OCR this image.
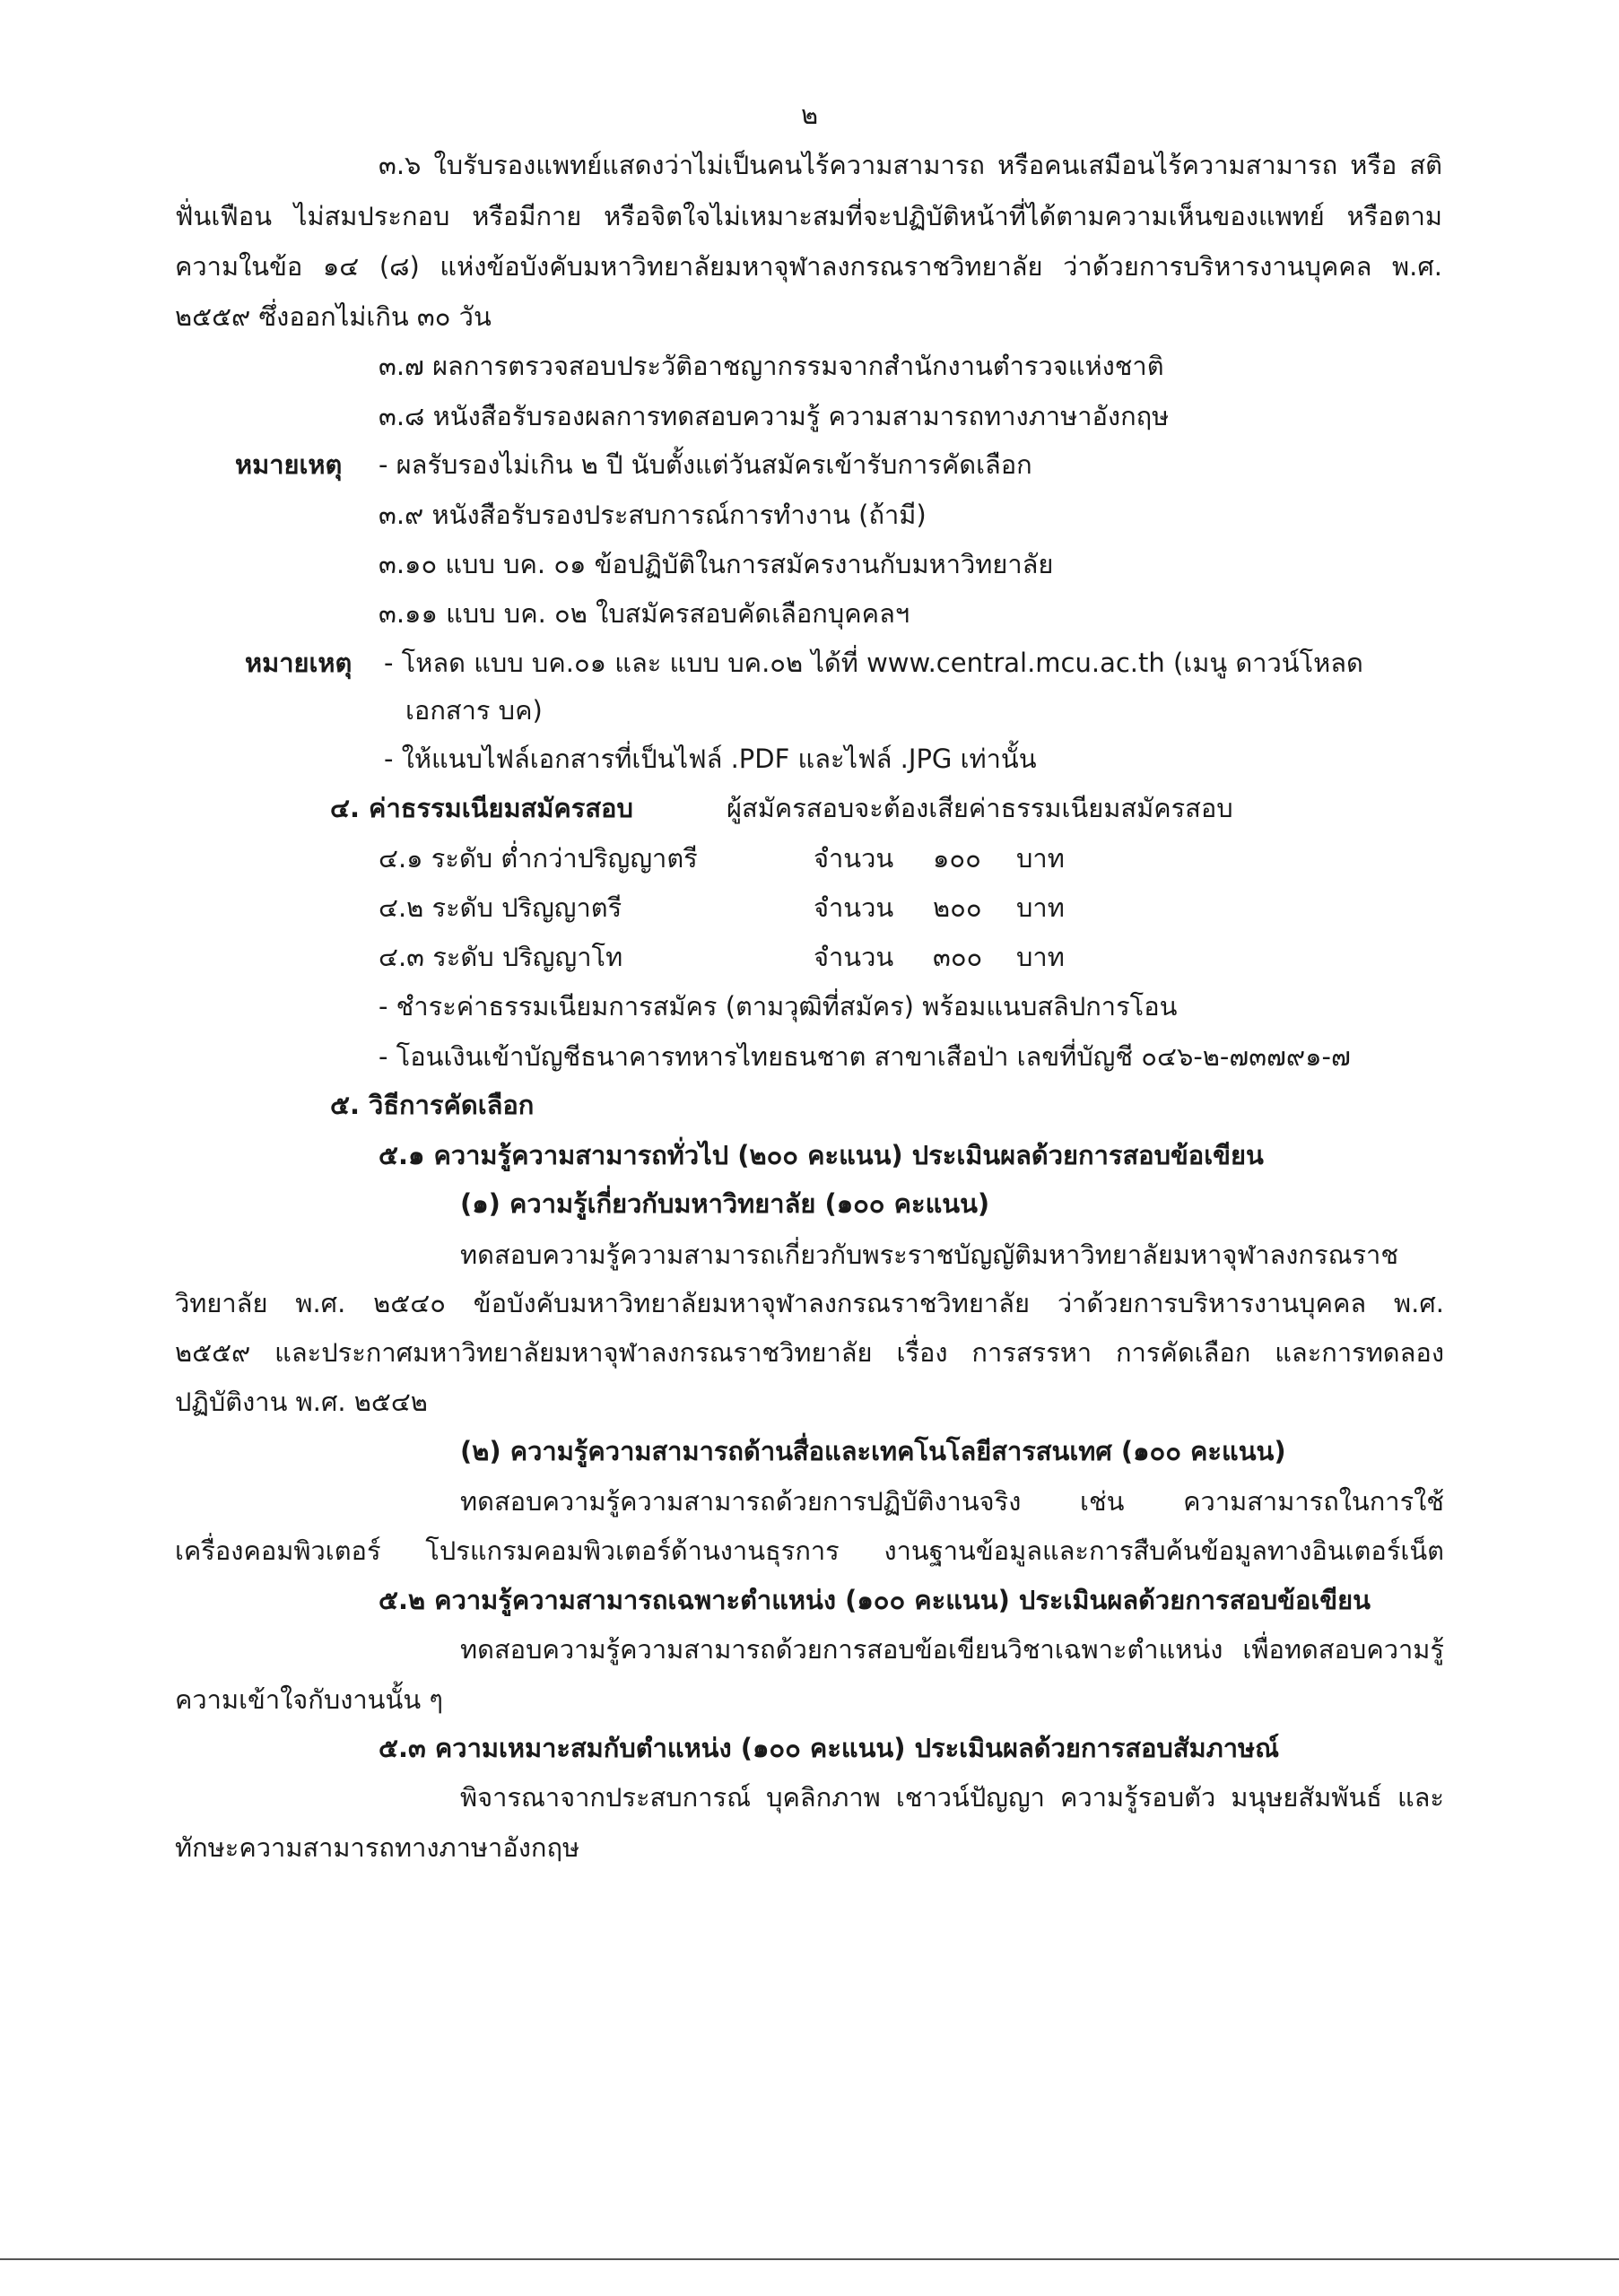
๒
๓.๖ ใบรับรองแพทย์แสดงว่าไม่เป็นคนไร้ความสามารถ หรือคนเสมือนไร้ความสามารถ หรือ สติ
ฟั่นเฟือน ไม่สมประกอบ หรือมีกาย หรือจิตใจไม่เหมาะสมที่จะปฏิบัติหน้าที่ได้ตามความเห็นของแพทย์ หรือตาม
ความในข้อ ๑๔ (๘) แห่งข้อบังคับมหาวิทยาลัยมหาจุฬาลงกรณราชวิทยาลัย ว่าด้วยการบริหารงานบุคคล พ.ศ.
๒๕๕๙ ซึ่งออกไม่เกิน ๓๐ วัน
๓.๗ ผลการตรวจสอบประวัติอาชญากรรมจากสำนักงานตำรวจแห่งชาติ
๓.๘ หนังสือรับรองผลการทดสอบความรู้ ความสามารถทางภาษาอังกฤษ
หมายเหตุ - ผลรับรองไม่เกิน ๒ ปี นับตั้งแต่วันสมัครเข้ารับการคัดเลือก
๓.๙ หนังสือรับรองประสบการณ์การทำงาน (ถ้ามี)
๓.๑๐ แบบ บค. ๐๑ ข้อปฏิบัติในการสมัครงานกับมหาวิทยาลัย
๓.๑๑ แบบ บค. ๐๒ ใบสมัครสอบคัดเลือกบุคคลฯ
หมายเหตุ - โหลด แบบ บค.๐๑ และ แบบ บค.๐๒ ได้ที่ www.central.mcu.ac.th (เมนู ดาวน์โหลด
เอกสาร บค)
- ให้แนบไฟล์เอกสารที่เป็นไฟล์ .PDF และไฟล์ .JPG เท่านั้น
๔. ค่าธรรมเนียมสมัครสอบ	ผู้สมัครสอบจะต้องเสียค่าธรรมเนียมสมัครสอบ
๔.๑ ระดับ ต่ำกว่าปริญญาตรี	จำนวน ๑๐๐ บาท
๔.๒ ระดับ ปริญญาตรี	จำนวน ๒๐๐ บาท
๔.๓ ระดับ ปริญญาโท	จำนวน ๓๐๐ บาท
- ชำระค่าธรรมเนียมการสมัคร (ตามวุฒิที่สมัคร) พร้อมแนบสลิปการโอน
- โอนเงินเข้าบัญชีธนาคารทหารไทยธนชาต สาขาเสือป่า เลขที่บัญชี ๐๔๖-๒-๗๓๗๙๑-๗
๕. วิธีการคัดเลือก
๕.๑ ความรู้ความสามารถทั่วไป (๒๐๐ คะแนน) ประเมินผลด้วยการสอบข้อเขียน
(๑) ความรู้เกี่ยวกับมหาวิทยาลัย (๑๐๐ คะแนน)
ทดสอบความรู้ความสามารถเกี่ยวกับพระราชบัญญัติมหาวิทยาลัยมหาจุฬาลงกรณราช
วิทยาลัย พ.ศ. ๒๕๔๐ ข้อบังคับมหาวิทยาลัยมหาจุฬาลงกรณราชวิทยาลัย ว่าด้วยการบริหารงานบุคคล พ.ศ.
๒๕๕๙ และประกาศมหาวิทยาลัยมหาจุฬาลงกรณราชวิทยาลัย เรื่อง การสรรหา การคัดเลือก และการทดลอง
ปฏิบัติงาน พ.ศ. ๒๕๔๒
(๒) ความรู้ความสามารถด้านสื่อและเทคโนโลยีสารสนเทศ (๑๐๐ คะแนน)
ทดสอบความรู้ความสามารถด้วยการปฏิบัติงานจริง เช่น ความสามารถในการใช้
เครื่องคอมพิวเตอร์ โปรแกรมคอมพิวเตอร์ด้านงานธุรการ งานฐานข้อมูลและการสืบค้นข้อมูลทางอินเตอร์เน็ต
๕.๒ ความรู้ความสามารถเฉพาะตำแหน่ง (๑๐๐ คะแนน) ประเมินผลด้วยการสอบข้อเขียน
ทดสอบความรู้ความสามารถด้วยการสอบข้อเขียนวิชาเฉพาะตำแหน่ง เพื่อทดสอบความรู้
ความเข้าใจกับงานนั้น ๆ
๕.๓ ความเหมาะสมกับตำแหน่ง (๑๐๐ คะแนน) ประเมินผลด้วยการสอบสัมภาษณ์
พิจารณาจากประสบการณ์ บุคลิกภาพ เชาวน์ปัญญา ความรู้รอบตัว มนุษยสัมพันธ์ และ
ทักษะความสามารถทางภาษาอังกฤษ
